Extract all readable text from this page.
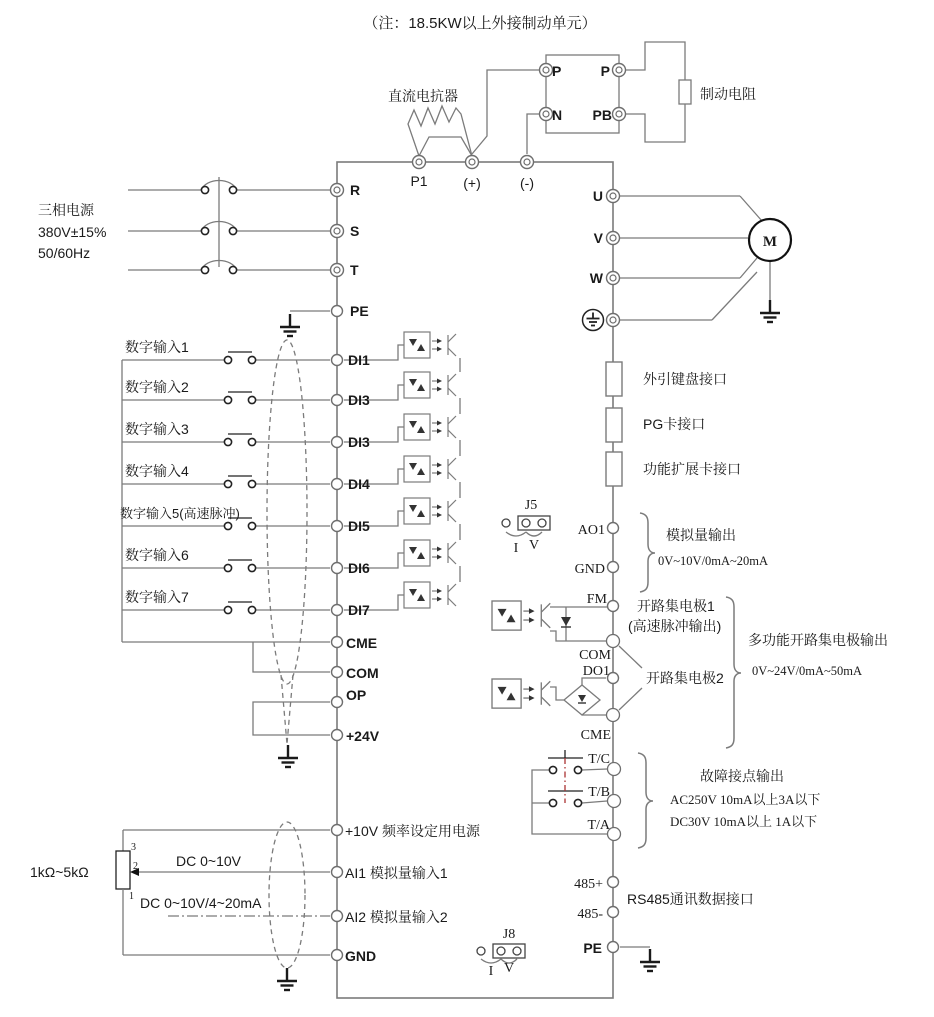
（注：18.5KW以上外接制动单元）
直流电抗器	制动电阻
P
N
P
PB
P1	(+)	(-)
三相电源
380V±15%
50/60Hz
R
S
T
PE
数字输入1
数字输入2
数字输入3
数字输入4
数字输入5(高速脉冲)
数字输入6
数字输入7
DI1
DI3
DI3
DI4
DI5
DI6
DI7
CME
COM
OP
+24V
+10V 频率设定用电源
AI1 模拟量输入1
AI2 模拟量输入2
GND
DC 0~10V
DC 0~10V/4~20mA
1kΩ~5kΩ
3
2
1
U
V
W
M
外引键盘接口
PG卡接口
功能扩展卡接口
J5
I V
AO1
GND
模拟量输出
0V~10V/0mA~20mA
FM 开路集电极1
(高速脉冲输出)
COM
DO1	开路集电极2
CME
多功能开路集电极输出
0V~24V/0mA~50mA
T/C
T/B
T/A
故障接点输出
AC250V 10mA以上3A以下
DC30V 10mA以上 1A以下
485+
485-
RS485通讯数据接口
PE
J8
I V
